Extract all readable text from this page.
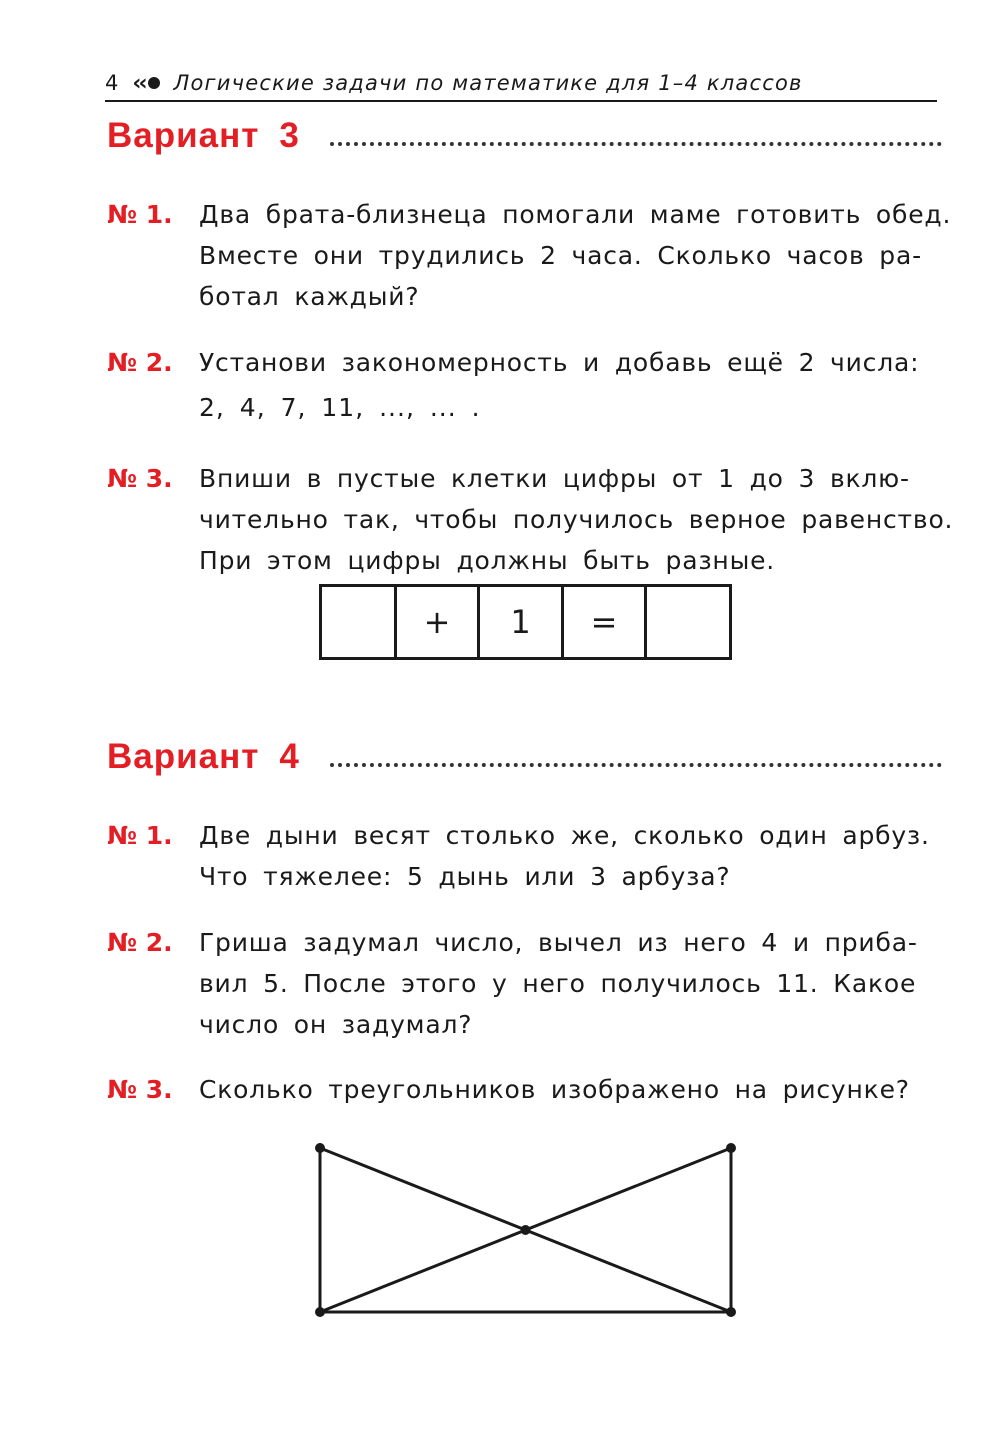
4 ‹‹ Логические задачи по математике для 1–4 классов
Вариант 3
№ 1. Два брата-близнеца помогали маме готовить обед.
Вместе они трудились 2 часа. Сколько часов ра-
ботал каждый?
№ 2. Установи закономерность и добавь ещё 2 числа:
2, 4, 7, 11, ..., ... .
№ 3. Впиши в пустые клетки цифры от 1 до 3 вклю-
чительно так, чтобы получилось верное равенство.
При этом цифры должны быть разные.
+	1	=
Вариант 4
№ 1. Две дыни весят столько же, сколько один арбуз.
Что тяжелее: 5 дынь или 3 арбуза?
№ 2. Гриша задумал число, вычел из него 4 и приба-
вил 5. После этого у него получилось 11. Какое
число он задумал?
№ 3. Сколько треугольников изображено на рисунке?
